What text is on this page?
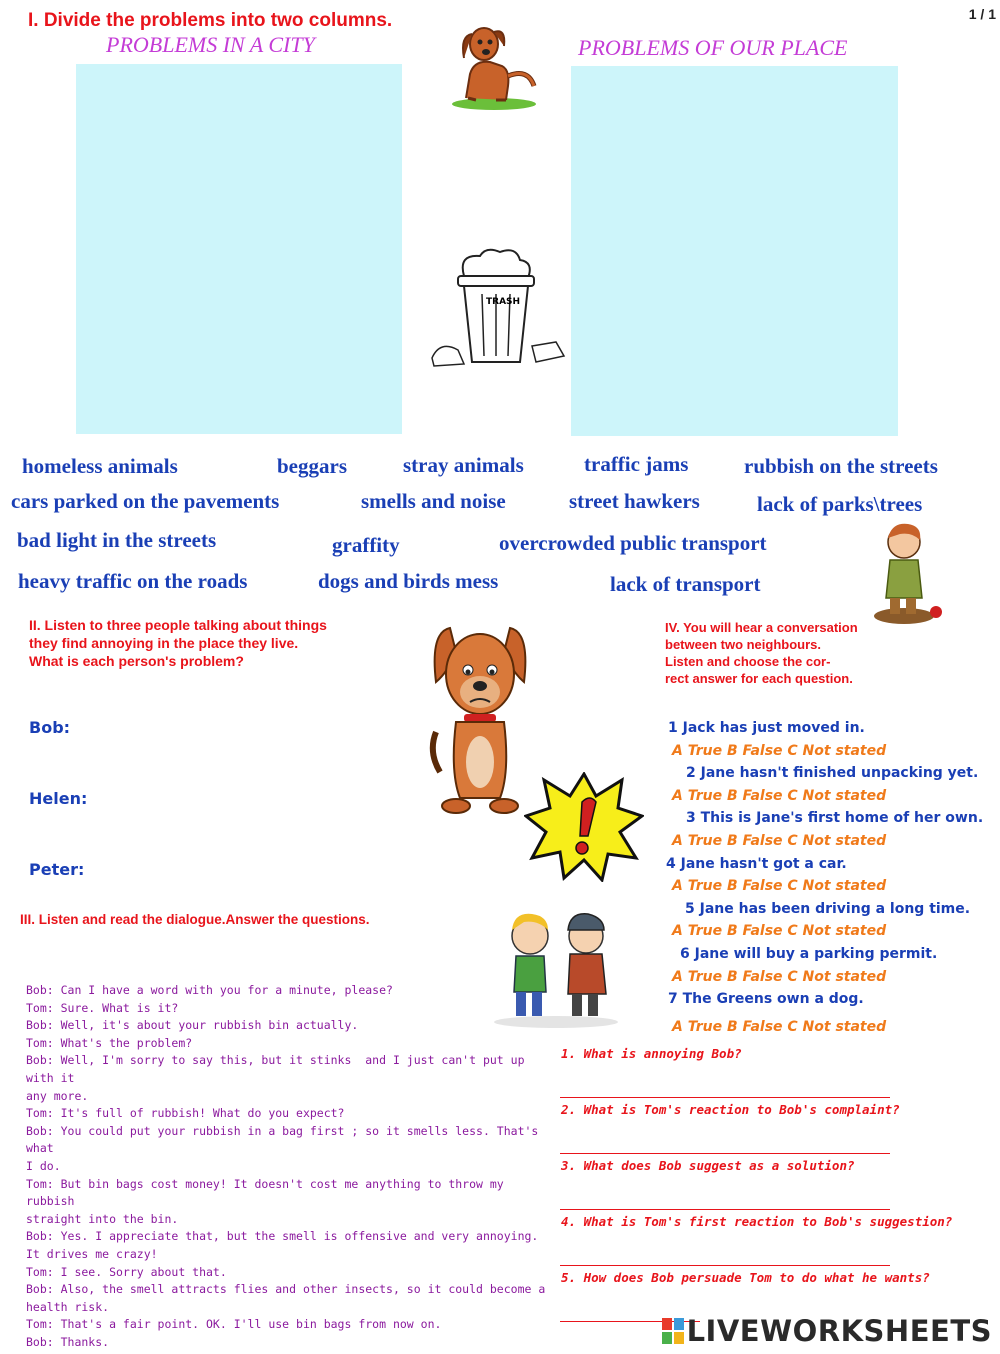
1 / 1
I. Divide the problems into two columns.
PROBLEMS IN A CITY	PROBLEMS OF OUR PLACE
TRASH
homeless animals	beggars	stray animals	traffic jams	rubbish on the streets
cars parked on the pavements	smells and noise	street hawkers	lack of parks\trees
bad light in the streets	graffity	overcrowded public transport
heavy traffic on the roads	dogs and birds mess	lack of transport
II. Listen to three people talking about things
they find annoying in the place they live.
What is each person's problem?
Bob:
Helen:
Peter:
IV. You will hear a conversation
between two neighbours.
Listen and choose the cor-
rect answer for each question.
1 Jack has just moved in.
A True B False C Not stated
2 Jane hasn't finished unpacking yet.
A True B False C Not stated
3 This is Jane's first home of her own.
A True B False C Not stated
4 Jane hasn't got a car.
A True B False C Not stated
5 Jane has been driving a long time.
A True B False C Not stated
6 Jane will buy a parking permit.
A True B False C Not stated
7 The Greens own a dog.
A True B False C Not stated
III. Listen and read the dialogue.Answer the questions.
Bob: Can I have a word with you for a minute, please?
Tom: Sure. What is it?
Bob: Well, it's about your rubbish bin actually.
Tom: What's the problem?
Bob: Well, I'm sorry to say this, but it stinks  and I just can't put up with it
any more.
Tom: It's full of rubbish! What do you expect?
Bob: You could put your rubbish in a bag first ; so it smells less. That's what
I do.
Tom: But bin bags cost money! It doesn't cost me anything to throw my rubbish
straight into the bin.
Bob: Yes. I appreciate that, but the smell is offensive and very annoying.
It drives me crazy!
Tom: I see. Sorry about that.
Bob: Also, the smell attracts flies and other insects, so it could become a
health risk.
Tom: That's a fair point. OK. I'll use bin bags from now on.
Bob: Thanks.
1. What is annoying Bob?
2. What is Tom's reaction to Bob's complaint?
3. What does Bob suggest as a solution?
4. What is Tom's first reaction to Bob's suggestion?
5. How does Bob persuade Tom to do what he wants?
LIVEWORKSHEETS
